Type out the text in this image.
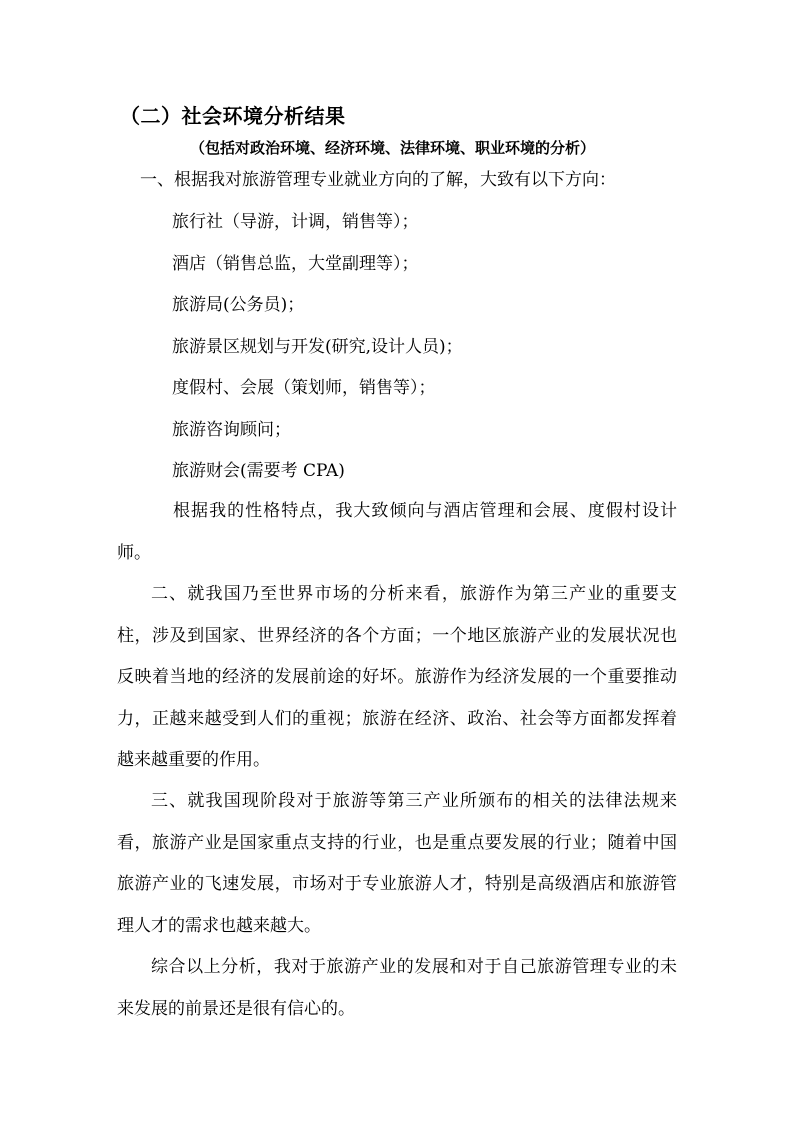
（二）社会环境分析结果
（包括对政治环境、经济环境、法律环境、职业环境的分析）
一、根据我对旅游管理专业就业方向的了解，大致有以下方向：
旅行社（导游，计调，销售等）；
酒店（销售总监，大堂副理等）；
旅游局(公务员)；
旅游景区规划与开发(研究,设计人员)；
度假村、会展（策划师，销售等）；
旅游咨询顾问；
旅游财会(需要考 CPA)

根据我的性格特点，我大致倾向与酒店管理和会展、度假村设计师。

二、就我国乃至世界市场的分析来看，旅游作为第三产业的重要支柱，涉及到国家、世界经济的各个方面；一个地区旅游产业的发展状况也反映着当地的经济的发展前途的好坏。旅游作为经济发展的一个重要推动力，正越来越受到人们的重视；旅游在经济、政治、社会等方面都发挥着越来越重要的作用。

三、就我国现阶段对于旅游等第三产业所颁布的相关的法律法规来看，旅游产业是国家重点支持的行业，也是重点要发展的行业；随着中国旅游产业的飞速发展，市场对于专业旅游人才，特别是高级酒店和旅游管理人才的需求也越来越大。

综合以上分析，我对于旅游产业的发展和对于自己旅游管理专业的未来发展的前景还是很有信心的。
